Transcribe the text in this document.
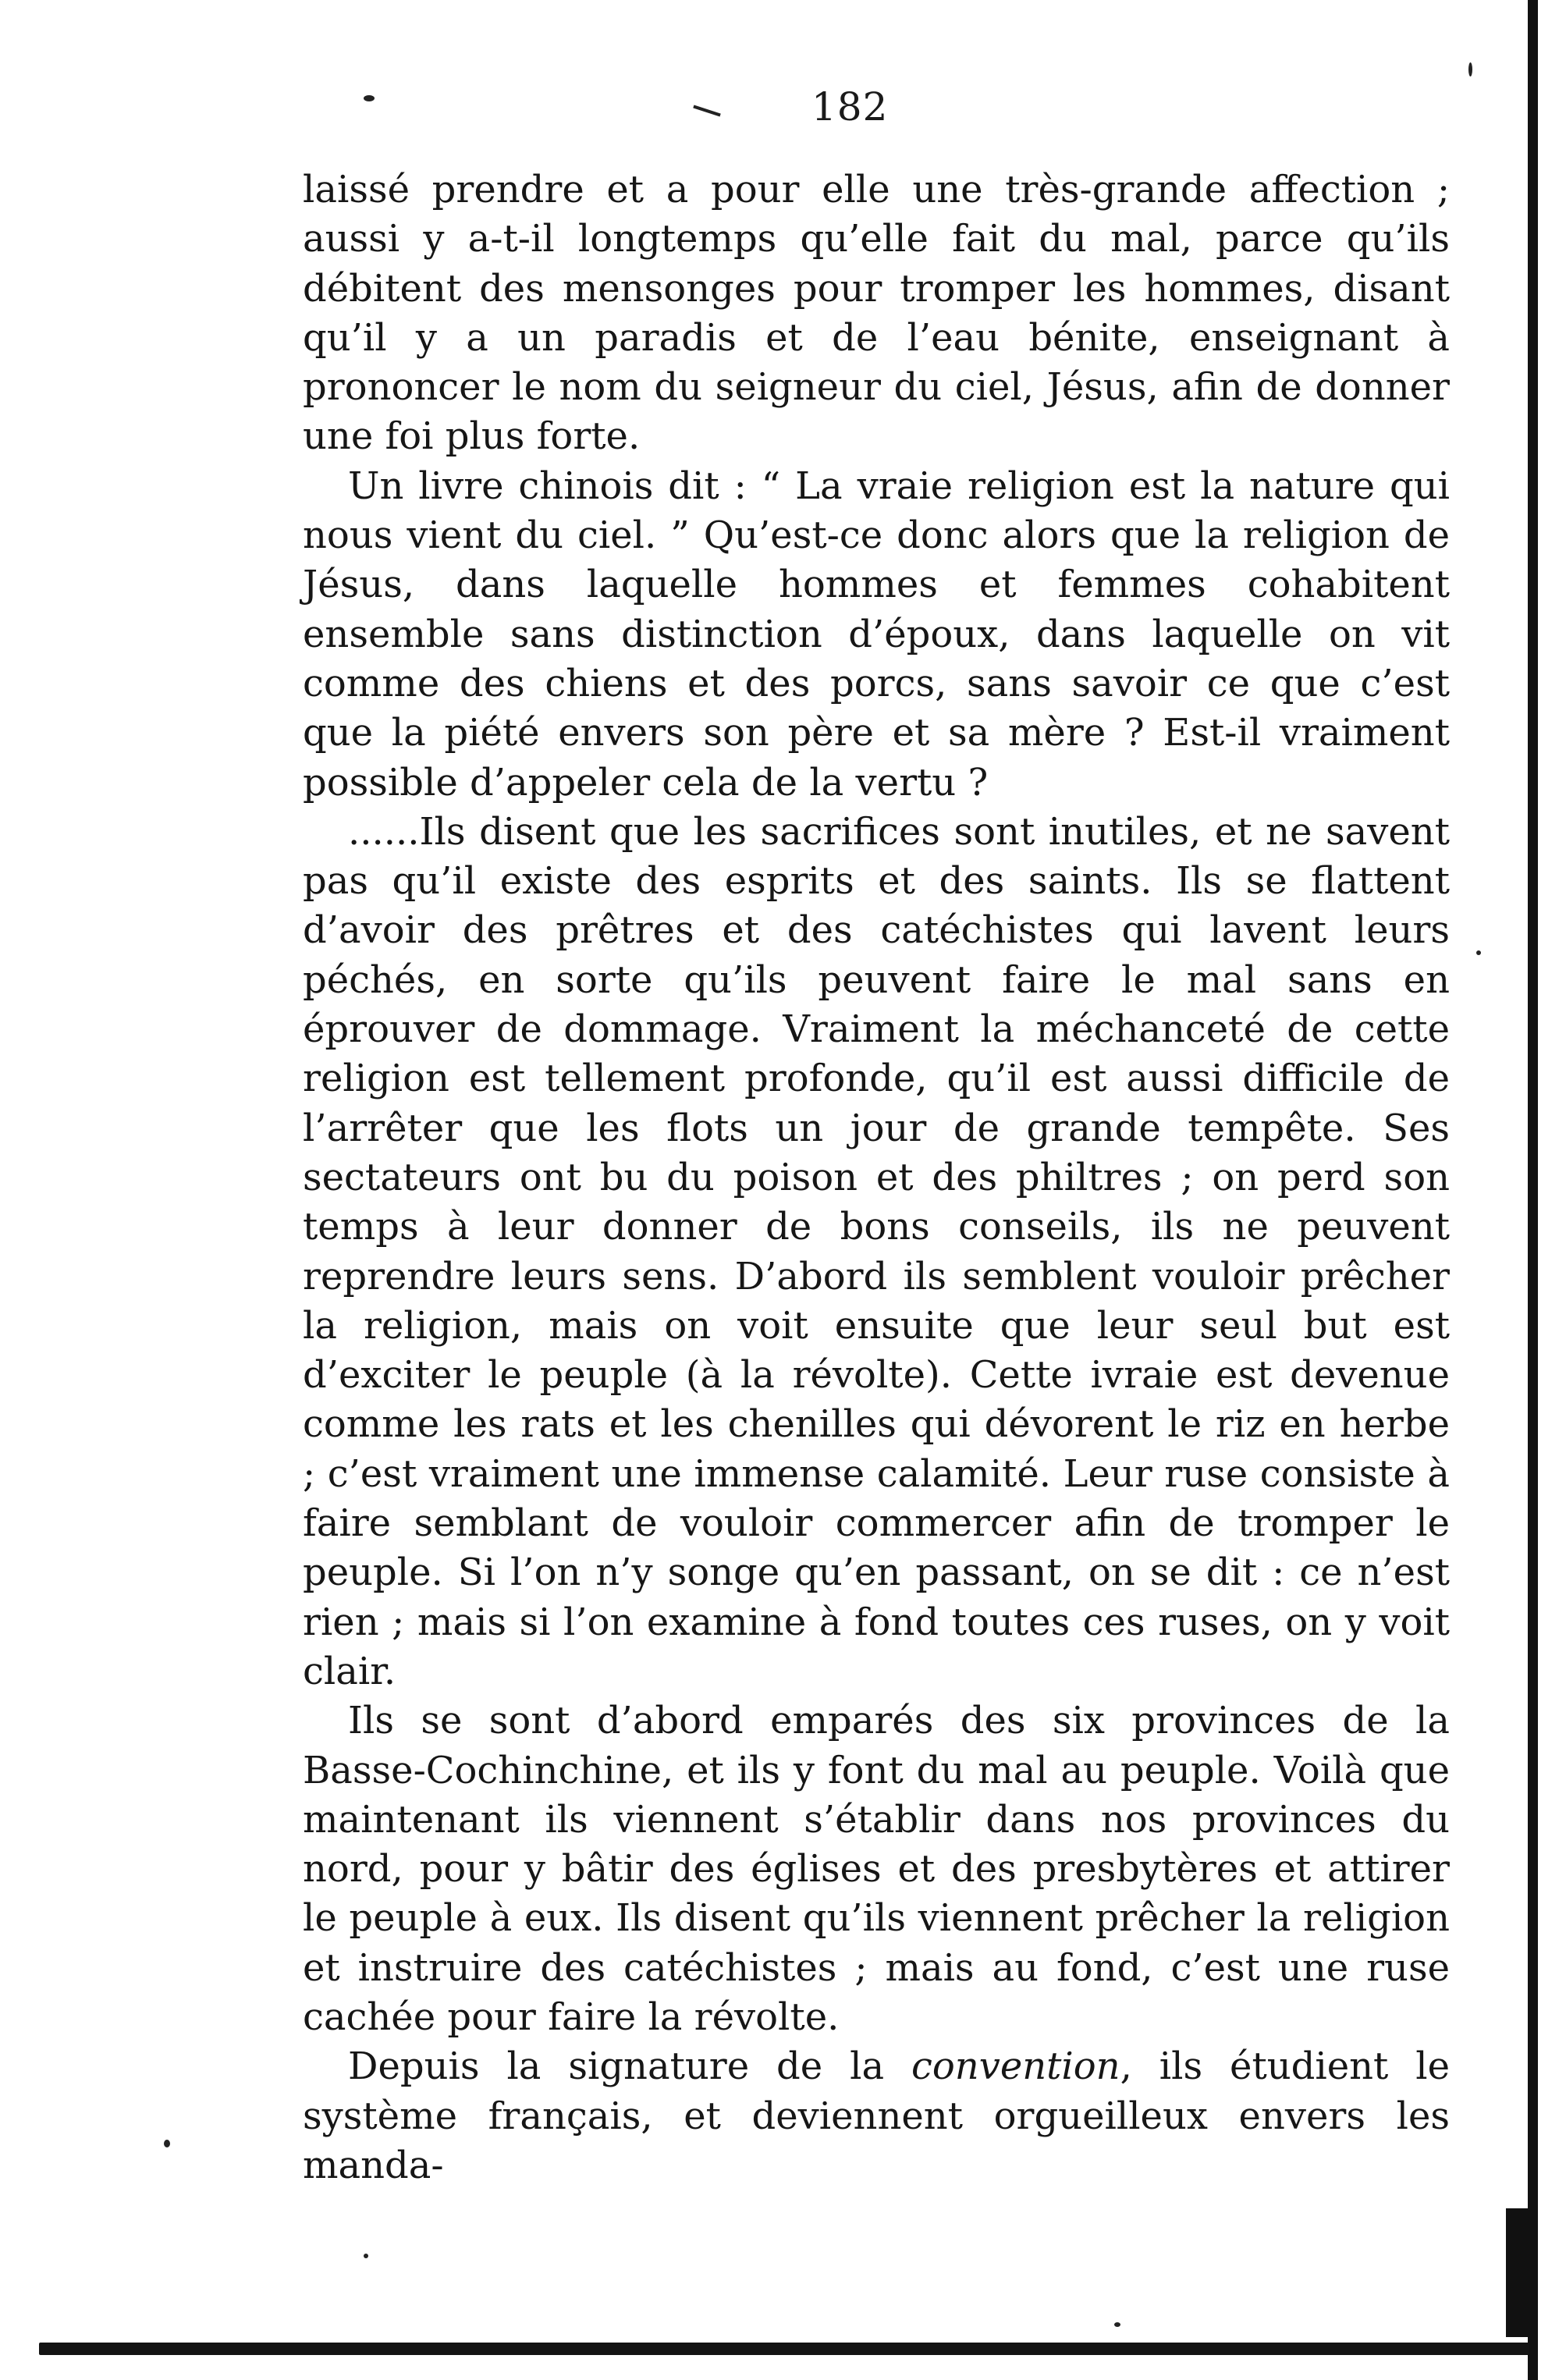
182

laissé prendre et a pour elle une très-grande affection ; aussi y a-t-il longtemps qu’elle fait du mal, parce qu’ils débitent des mensonges pour tromper les hommes, disant qu’il y a un paradis et de l’eau bénite, enseignant à prononcer le nom du seigneur du ciel, Jésus, afin de donner une foi plus forte.

Un livre chinois dit : “ La vraie religion est la nature qui nous vient du ciel. ” Qu’est-ce donc alors que la religion de Jésus, dans laquelle hommes et femmes cohabitent ensemble sans distinction d’époux, dans laquelle on vit comme des chiens et des porcs, sans savoir ce que c’est que la piété envers son père et sa mère ? Est-il vraiment possible d’appeler cela de la vertu ?

......Ils disent que les sacrifices sont inutiles, et ne savent pas qu’il existe des esprits et des saints. Ils se flattent d’avoir des prêtres et des catéchistes qui lavent leurs péchés, en sorte qu’ils peuvent faire le mal sans en éprouver de dommage. Vraiment la méchanceté de cette religion est tellement profonde, qu’il est aussi difficile de l’arrêter que les flots un jour de grande tempête. Ses sectateurs ont bu du poison et des philtres ; on perd son temps à leur donner de bons conseils, ils ne peuvent reprendre leurs sens. D’abord ils semblent vouloir prêcher la religion, mais on voit ensuite que leur seul but est d’exciter le peuple (à la révolte). Cette ivraie est devenue comme les rats et les chenilles qui dévorent le riz en herbe ; c’est vraiment une immense calamité. Leur ruse consiste à faire semblant de vouloir commercer afin de tromper le peuple. Si l’on n’y songe qu’en passant, on se dit : ce n’est rien ; mais si l’on examine à fond toutes ces ruses, on y voit clair.

Ils se sont d’abord emparés des six provinces de la Basse-Cochinchine, et ils y font du mal au peuple. Voilà que maintenant ils viennent s’établir dans nos provinces du nord, pour y bâtir des églises et des presbytères et attirer le peuple à eux. Ils disent qu’ils viennent prêcher la religion et instruire des catéchistes ; mais au fond, c’est une ruse cachée pour faire la révolte.

Depuis la signature de la convention, ils étudient le système français, et deviennent orgueilleux envers les manda-
